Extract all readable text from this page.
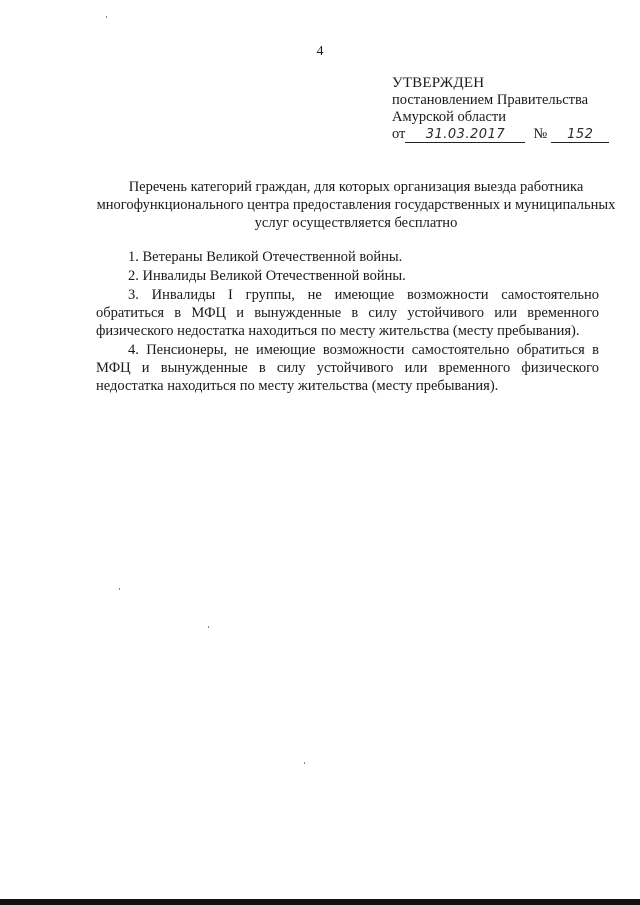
4
УТВЕРЖДЕН
постановлением Правительства
Амурской области
от 31.03.2017 № 152
Перечень категорий граждан, для которых организация выезда работника многофункционального центра предоставления государственных и муниципальных услуг осуществляется бесплатно

1. Ветераны Великой Отечественной войны.

2. Инвалиды Великой Отечественной войны.

3. Инвалиды I группы, не имеющие возможности самостоятельно обратиться в МФЦ и вынужденные в силу устойчивого или временного физического недостатка находиться по месту жительства (месту пребывания).

4. Пенсионеры, не имеющие возможности самостоятельно обратиться в МФЦ и вынужденные в силу устойчивого или временного физического недостатка находиться по месту жительства (месту пребывания).
